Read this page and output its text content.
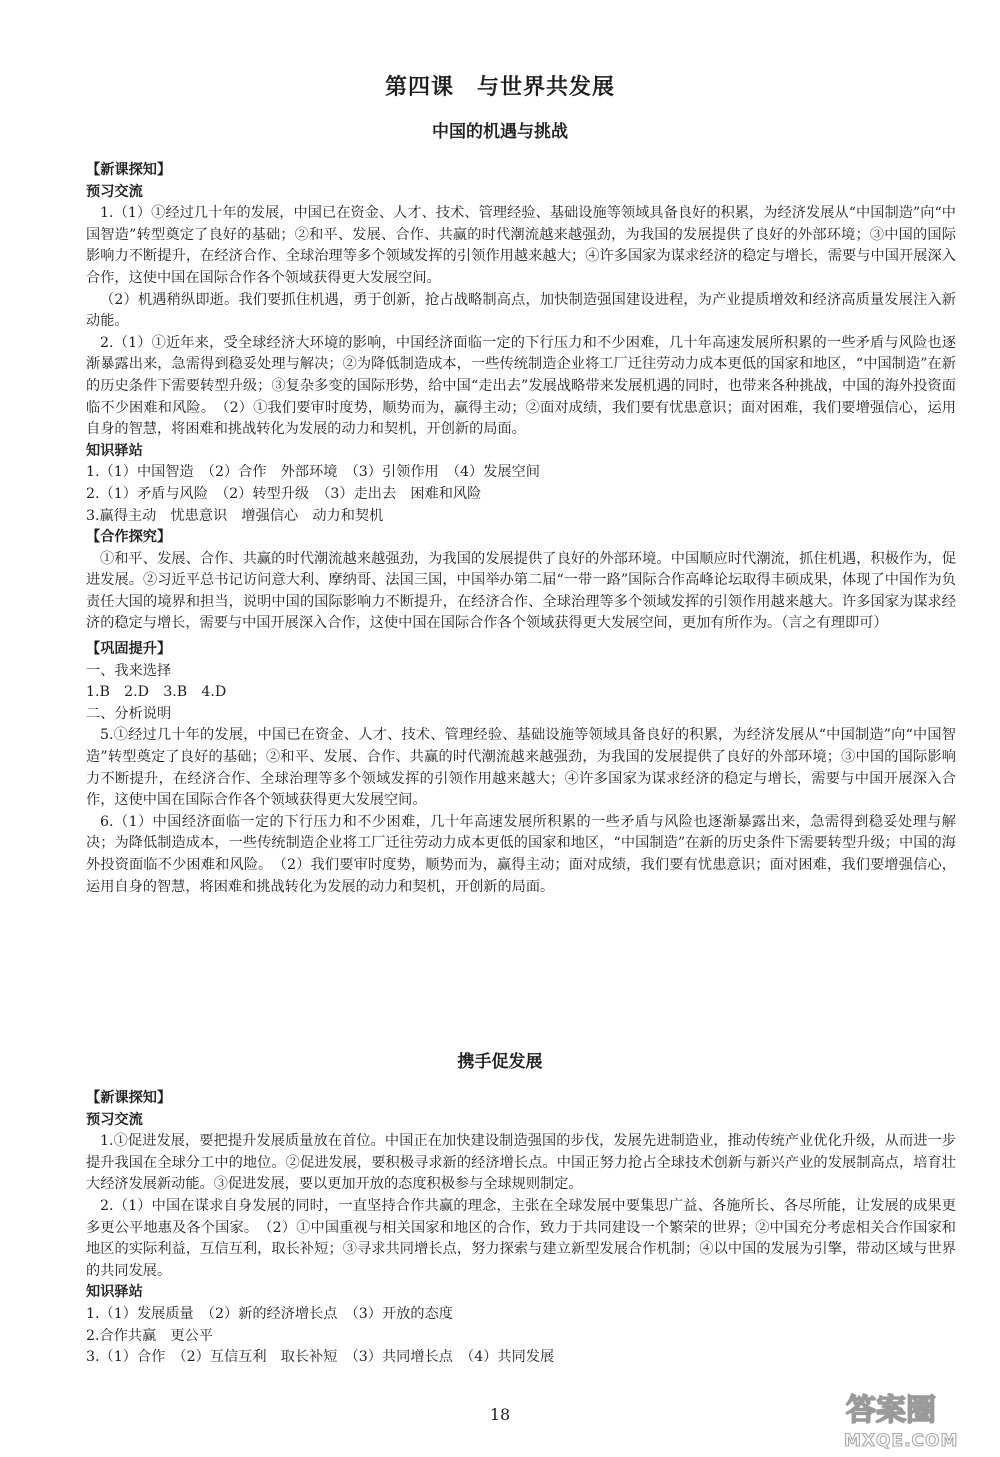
第四课　与世界共发展
中国的机遇与挑战

【新课探知】

预习交流

1.（1）①经过几十年的发展，中国已在资金、人才、技术、管理经验、基础设施等领域具备良好的积累，为经济发展从“中国制造”向“中国智造”转型奠定了良好的基础；②和平、发展、合作、共赢的时代潮流越来越强劲，为我国的发展提供了良好的外部环境；③中国的国际影响力不断提升，在经济合作、全球治理等多个领域发挥的引领作用越来越大；④许多国家为谋求经济的稳定与增长，需要与中国开展深入合作，这使中国在国际合作各个领域获得更大发展空间。

（2）机遇稍纵即逝。我们要抓住机遇，勇于创新，抢占战略制高点，加快制造强国建设进程，为产业提质增效和经济高质量发展注入新动能。

2.（1）①近年来，受全球经济大环境的影响，中国经济面临一定的下行压力和不少困难，几十年高速发展所积累的一些矛盾与风险也逐渐暴露出来，急需得到稳妥处理与解决；②为降低制造成本，一些传统制造企业将工厂迁往劳动力成本更低的国家和地区，“中国制造”在新的历史条件下需要转型升级；③复杂多变的国际形势，给中国“走出去”发展战略带来发展机遇的同时，也带来各种挑战，中国的海外投资面临不少困难和风险。　（2）①我们要审时度势，顺势而为，赢得主动；②面对成绩，我们要有忧患意识；面对困难，我们要增强信心，运用自身的智慧，将困难和挑战转化为发展的动力和契机，开创新的局面。

知识驿站

1.（1）中国智造　（2）合作　外部环境　（3）引领作用　（4）发展空间

2.（1）矛盾与风险　（2）转型升级　（3）走出去　困难和风险

3.赢得主动　忧患意识　增强信心　动力和契机

【合作探究】

①和平、发展、合作、共赢的时代潮流越来越强劲，为我国的发展提供了良好的外部环境。中国顺应时代潮流，抓住机遇，积极作为，促进发展。②习近平总书记访问意大利、摩纳哥、法国三国，中国举办第二届“一带一路”国际合作高峰论坛取得丰硕成果，体现了中国作为负责任大国的境界和担当，说明中国的国际影响力不断提升，在经济合作、全球治理等多个领域发挥的引领作用越来越大。许多国家为谋求经济的稳定与增长，需要与中国开展深入合作，这使中国在国际合作各个领域获得更大发展空间，更加有所作为。（言之有理即可）

【巩固提升】

一、我来选择

1.B　2.D　3.B　4.D

二、分析说明

5.①经过几十年的发展，中国已在资金、人才、技术、管理经验、基础设施等领域具备良好的积累，为经济发展从“中国制造”向“中国智造”转型奠定了良好的基础；②和平、发展、合作、共赢的时代潮流越来越强劲，为我国的发展提供了良好的外部环境；③中国的国际影响力不断提升，在经济合作、全球治理等多个领域发挥的引领作用越来越大；④许多国家为谋求经济的稳定与增长，需要与中国开展深入合作，这使中国在国际合作各个领域获得更大发展空间。

6.（1）中国经济面临一定的下行压力和不少困难，几十年高速发展所积累的一些矛盾与风险也逐渐暴露出来，急需得到稳妥处理与解决；为降低制造成本，一些传统制造企业将工厂迁往劳动力成本更低的国家和地区，“中国制造”在新的历史条件下需要转型升级；中国的海外投资面临不少困难和风险。　（2）我们要审时度势，顺势而为，赢得主动；面对成绩，我们要有忧患意识；面对困难，我们要增强信心，运用自身的智慧，将困难和挑战转化为发展的动力和契机，开创新的局面。

携手促发展

【新课探知】

预习交流

1.①促进发展，要把提升发展质量放在首位。中国正在加快建设制造强国的步伐，发展先进制造业，推动传统产业优化升级，从而进一步提升我国在全球分工中的地位。②促进发展，要积极寻求新的经济增长点。中国正努力抢占全球技术创新与新兴产业的发展制高点，培育壮大经济发展新动能。③促进发展，要以更加开放的态度积极参与全球规则制定。

2.（1）中国在谋求自身发展的同时，一直坚持合作共赢的理念，主张在全球发展中要集思广益、各施所长、各尽所能，让发展的成果更多更公平地惠及各个国家。　（2）①中国重视与相关国家和地区的合作，致力于共同建设一个繁荣的世界；②中国充分考虑相关合作国家和地区的实际利益，互信互利，取长补短；③寻求共同增长点，努力探索与建立新型发展合作机制；④以中国的发展为引擎，带动区域与世界的共同发展。

知识驿站

1.（1）发展质量　（2）新的经济增长点　（3）开放的态度

2.合作共赢　更公平

3.（1）合作　（2）互信互利　取长补短　（3）共同增长点　（4）共同发展

18	答案圈
MXQE.COM
